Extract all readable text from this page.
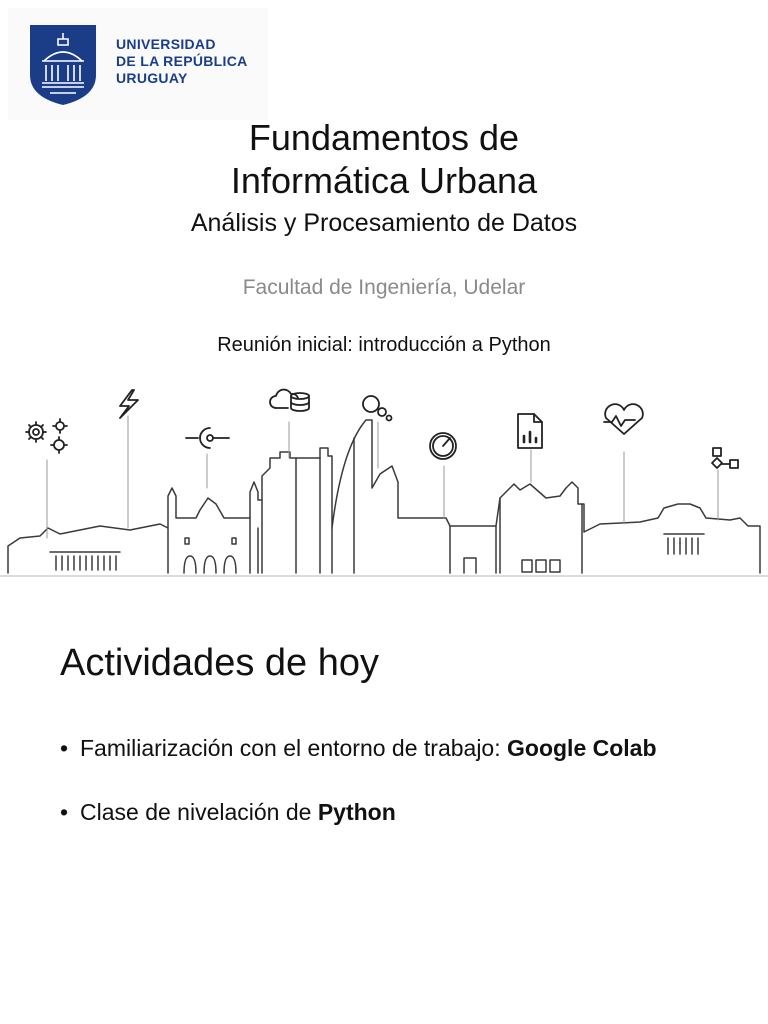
UNIVERSIDAD
DE LA REPÚBLICA
URUGUAY
Fundamentos de
Informática Urbana
Análisis y Procesamiento de Datos
Facultad de Ingeniería, Udelar
Reunión inicial: introducción a Python
Actividades de hoy
• Familiarización con el entorno de trabajo: Google Colab
• Clase de nivelación de Python
